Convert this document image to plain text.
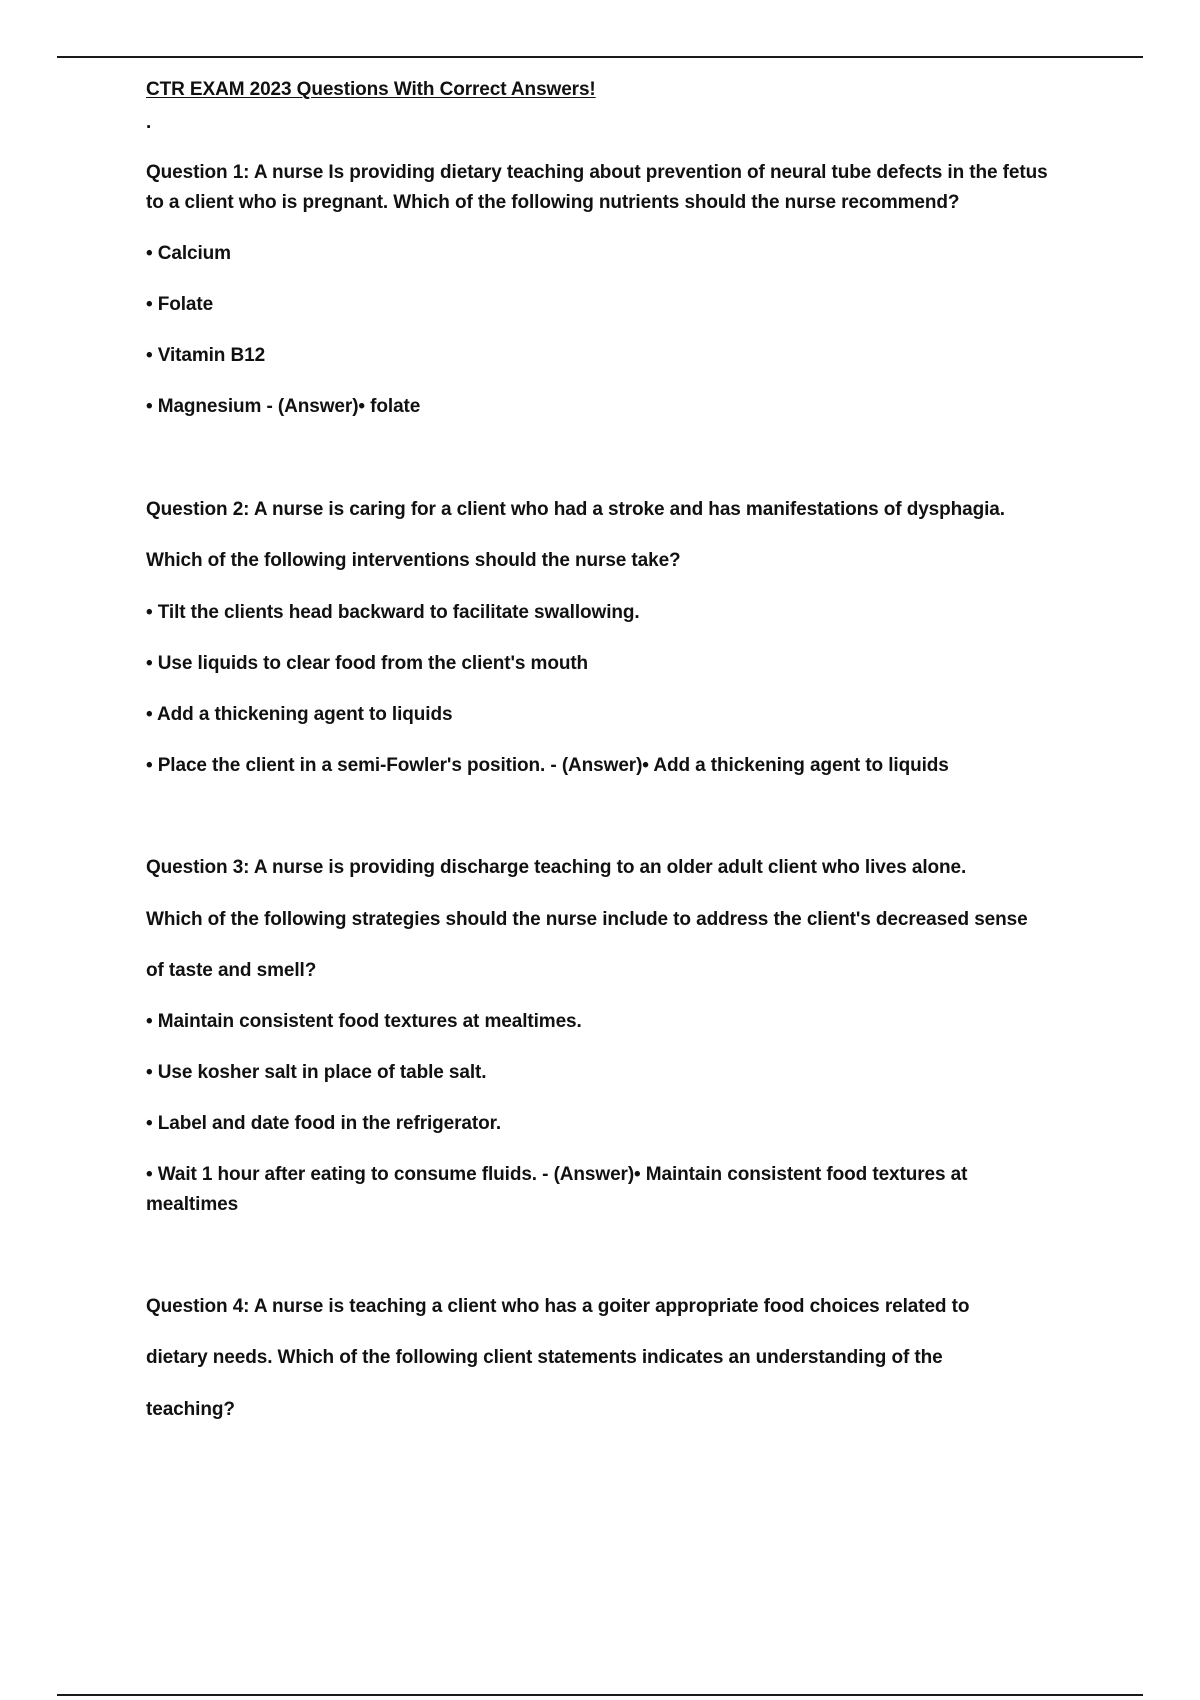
CTR EXAM 2023 Questions With Correct Answers!
.
Question 1: A nurse Is providing dietary teaching about prevention of neural tube defects in the fetus
to a client who is pregnant. Which of the following nutrients should the nurse recommend?
• Calcium
• Folate
• Vitamin B12
• Magnesium - (Answer)• folate
Question 2: A nurse is caring for a client who had a stroke and has manifestations of dysphagia.
Which of the following interventions should the nurse take?
• Tilt the clients head backward to facilitate swallowing.
• Use liquids to clear food from the client's mouth
• Add a thickening agent to liquids
• Place the client in a semi-Fowler's position. - (Answer)• Add a thickening agent to liquids
Question 3: A nurse is providing discharge teaching to an older adult client who lives alone.
Which of the following strategies should the nurse include to address the client's decreased sense
of taste and smell?
• Maintain consistent food textures at mealtimes.
• Use kosher salt in place of table salt.
• Label and date food in the refrigerator.
• Wait 1 hour after eating to consume fluids. - (Answer)• Maintain consistent food textures at
mealtimes
Question 4: A nurse is teaching a client who has a goiter appropriate food choices related to
dietary needs. Which of the following client statements indicates an understanding of the
teaching?
